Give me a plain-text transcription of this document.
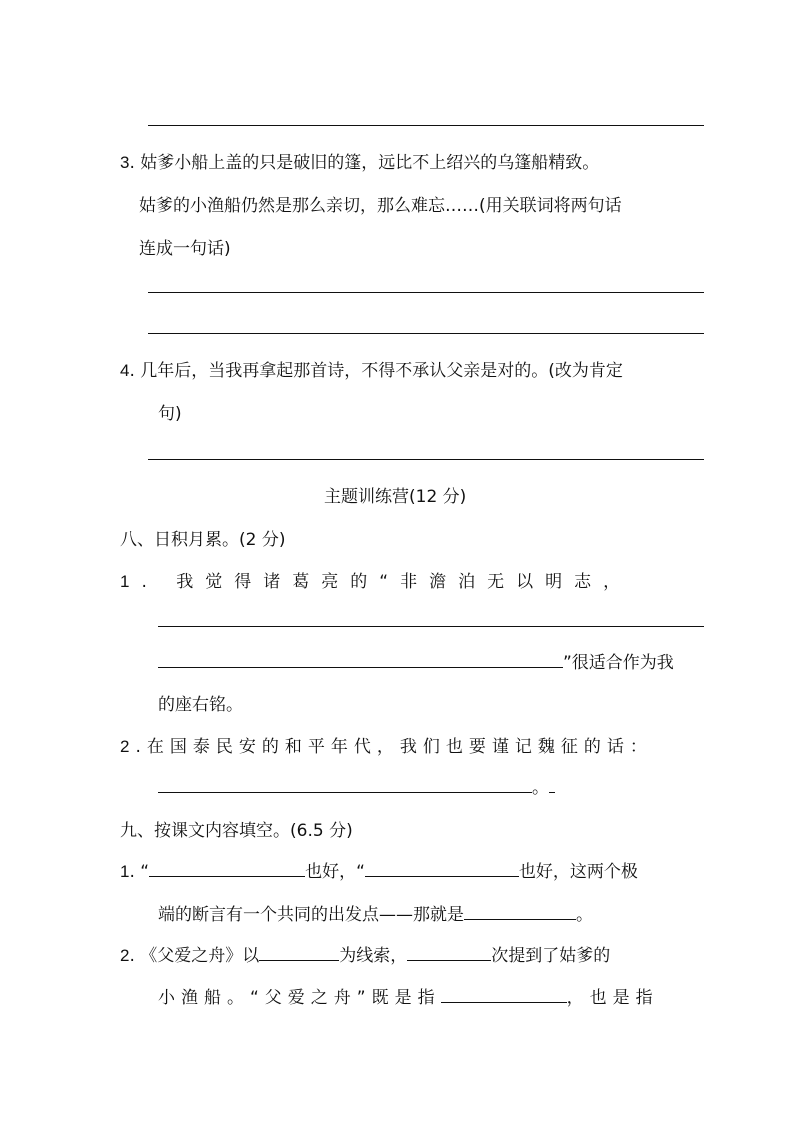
3. 姑爹小船上盖的只是破旧的篷，远比不上绍兴的乌篷船精致。
姑爹的小渔船仍然是那么亲切，那么难忘……(用关联词将两句话
连成一句话)
4. 几年后，当我再拿起那首诗，不得不承认父亲是对的。(改为肯定
句)
主题训练营(12 分)
八、日积月累。(2 分)
1. 我觉得诸葛亮的“非澹泊无以明志，
”很适合作为我
的座右铭。
2.在国泰民安的和平年代，我们也要谨记魏征的话：
。
九、按课文内容填空。(6.5 分)
1. “	也好，“	也好，这两个极
端的断言有一个共同的出发点——那就是	。
2. 《父爱之舟》以	为线索，	次提到了姑爹的
小渔船。“父爱之舟”既是指	，也是指
